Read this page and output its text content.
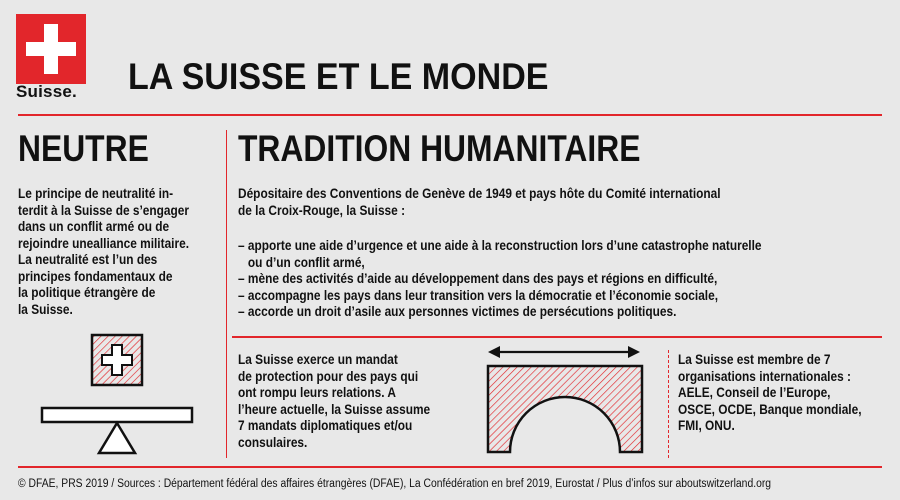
Suisse. LA SUISSE ET LE MONDE
NEUTRE TRADITION HUMANITAIRE
Le principe de neutralité in-
terdit à la Suisse de s’engager
dans un conflit armé ou de
rejoindre unealliance militaire.
La neutralité est l’un des
principes fondamentaux de
la politique étrangère de
la Suisse.
Dépositaire des Conventions de Genève de 1949 et pays hôte du Comité international
de la Croix-Rouge, la Suisse :
– apporte une aide d’urgence et une aide à la reconstruction lors d’une catastrophe naturelle
ou d’un conflit armé,
– mène des activités d’aide au développement dans des pays et régions en difficulté,
– accompagne les pays dans leur transition vers la démocratie et l’économie sociale,
– accorde un droit d’asile aux personnes victimes de persécutions politiques.
La Suisse exerce un mandat
de protection pour des pays qui
ont rompu leurs relations. A
l’heure actuelle, la Suisse assume
7 mandats diplomatiques et/ou
consulaires.
La Suisse est membre de 7
organisations internationales :
AELE, Conseil de l’Europe,
OSCE, OCDE, Banque mondiale,
FMI, ONU.
© DFAE, PRS 2019 / Sources : Département fédéral des affaires étrangères (DFAE), La Confédération en bref 2019, Eurostat / Plus d’infos sur aboutswitzerland.org
